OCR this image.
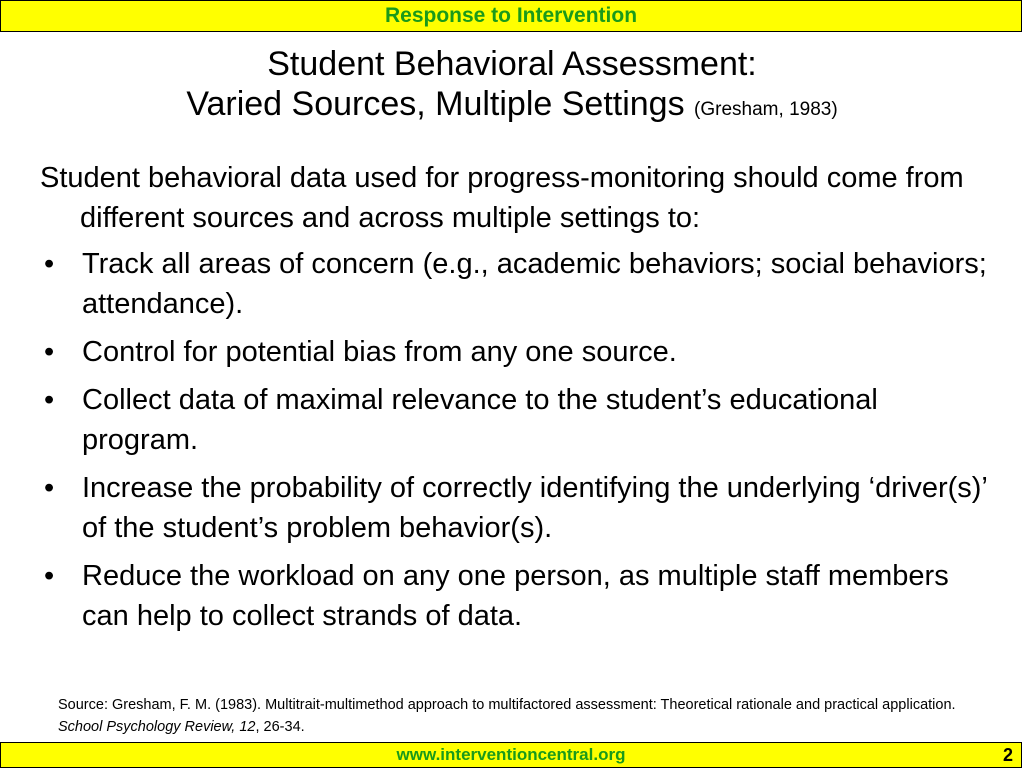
Response to Intervention
Student Behavioral Assessment:
Varied Sources, Multiple Settings (Gresham, 1983)

Student behavioral data used for progress-monitoring should come from different sources and across multiple settings to:

• Track all areas of concern (e.g., academic behaviors; social behaviors; attendance).
• Control for potential bias from any one source.
• Collect data of maximal relevance to the student’s educational program.
• Increase the probability of correctly identifying the underlying ‘driver(s)’ of the student’s problem behavior(s).
• Reduce the workload on any one person, as multiple staff members can help to collect strands of data.
Source: Gresham, F. M. (1983). Multitrait-multimethod approach to multifactored assessment: Theoretical rationale and practical application. School Psychology Review, 12, 26-34.
www.interventioncentral.org	2
